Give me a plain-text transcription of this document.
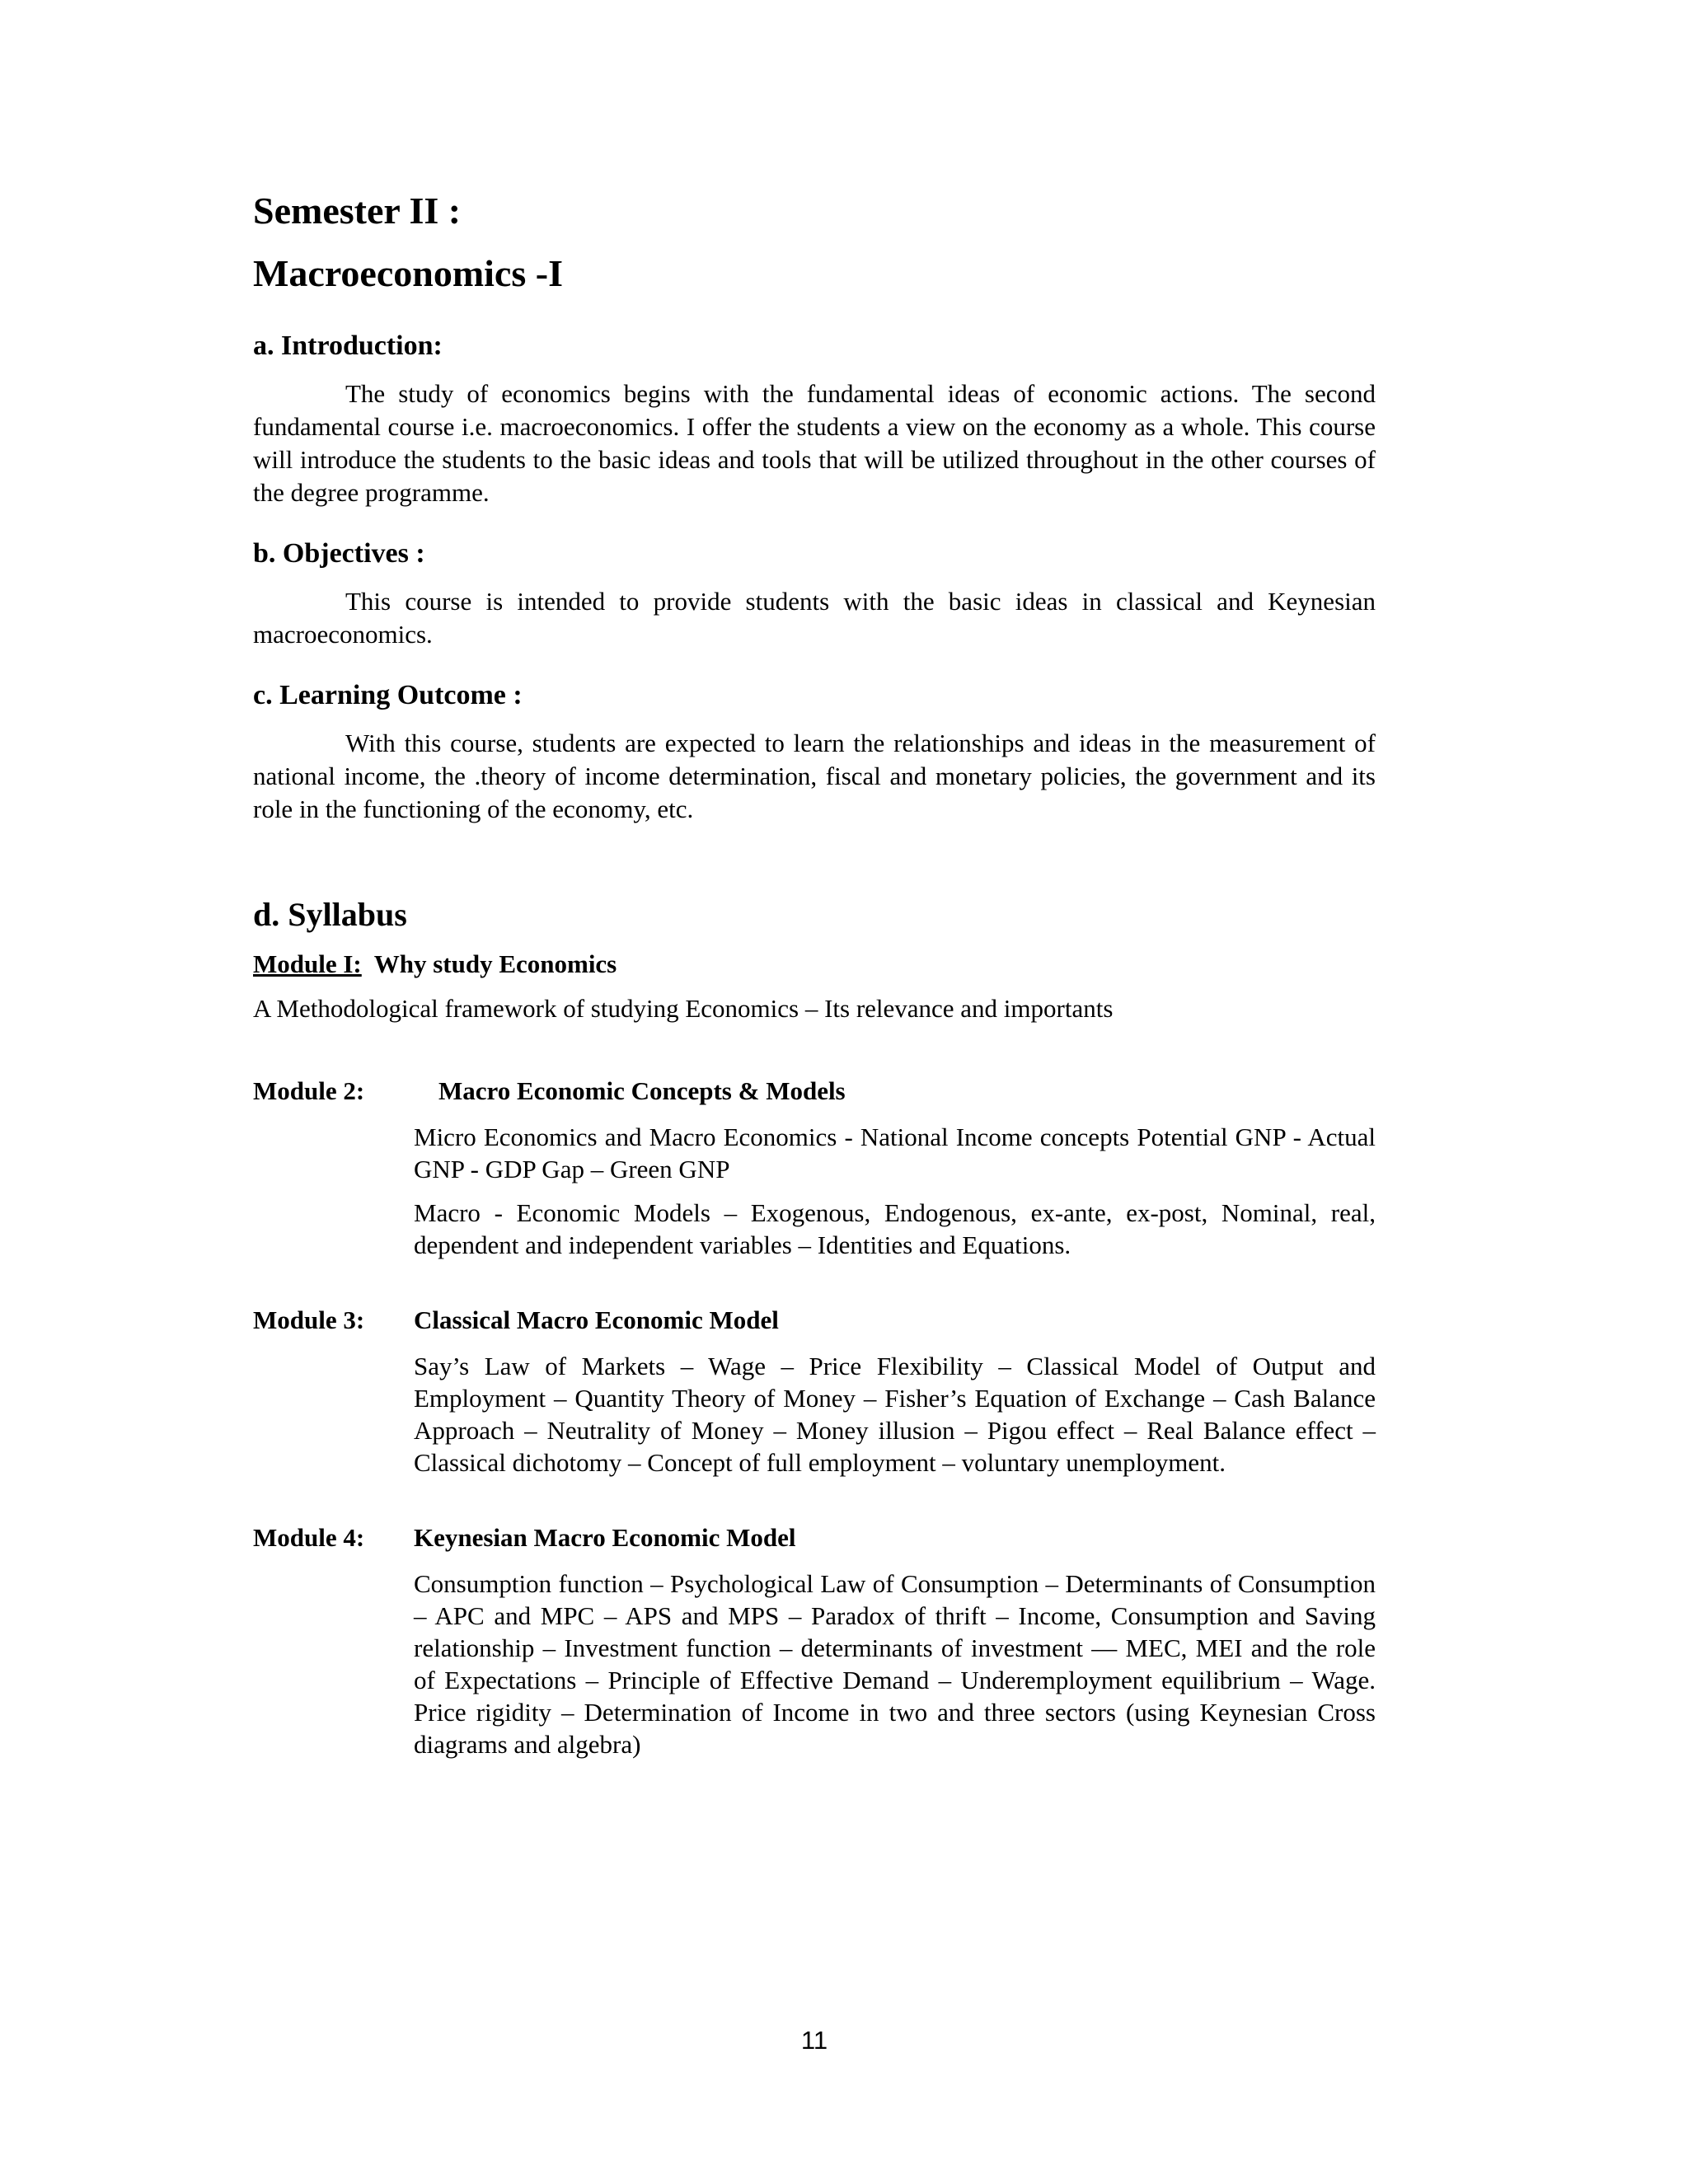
Semester II :
Macroeconomics -I
a. Introduction:

The study of economics begins with the fundamental ideas of economic actions. The second fundamental course i.e. macroeconomics. I offer the students a view on the economy as a whole. This course will introduce the students to the basic ideas and tools that will be utilized throughout in the other courses of the degree programme.

b. Objectives :

This course is intended to provide students with the basic ideas in classical and Keynesian macroeconomics.

c. Learning Outcome :

With this course, students are expected to learn the relationships and ideas in the measurement of national income, the .theory of income determination, fiscal and monetary policies, the government and its role in the functioning of the economy, etc.

d. Syllabus
Module I: Why study Economics

A Methodological framework of studying Economics – Its relevance and importants

Module 2:	Macro Economic Concepts & Models

Micro Economics and Macro Economics - National Income concepts Potential GNP - Actual GNP - GDP Gap – Green GNP

Macro - Economic Models – Exogenous, Endogenous, ex-ante, ex-post, Nominal, real, dependent and independent variables – Identities and Equations.

Module 3:	Classical Macro Economic Model

Say’s Law of Markets – Wage – Price Flexibility – Classical Model of Output and Employment – Quantity Theory of Money – Fisher’s Equation of Exchange – Cash Balance Approach – Neutrality of Money – Money illusion – Pigou effect – Real Balance effect – Classical dichotomy – Concept of full employment – voluntary unemployment.

Module 4:	Keynesian Macro Economic Model

Consumption function – Psychological Law of Consumption – Determinants of Consumption – APC and MPC – APS and MPS – Paradox of thrift – Income, Consumption and Saving relationship – Investment function – determinants of investment –– MEC, MEI and the role of Expectations – Principle of Effective Demand – Underemployment equilibrium – Wage. Price rigidity – Determination of Income in two and three sectors (using Keynesian Cross diagrams and algebra)

11
